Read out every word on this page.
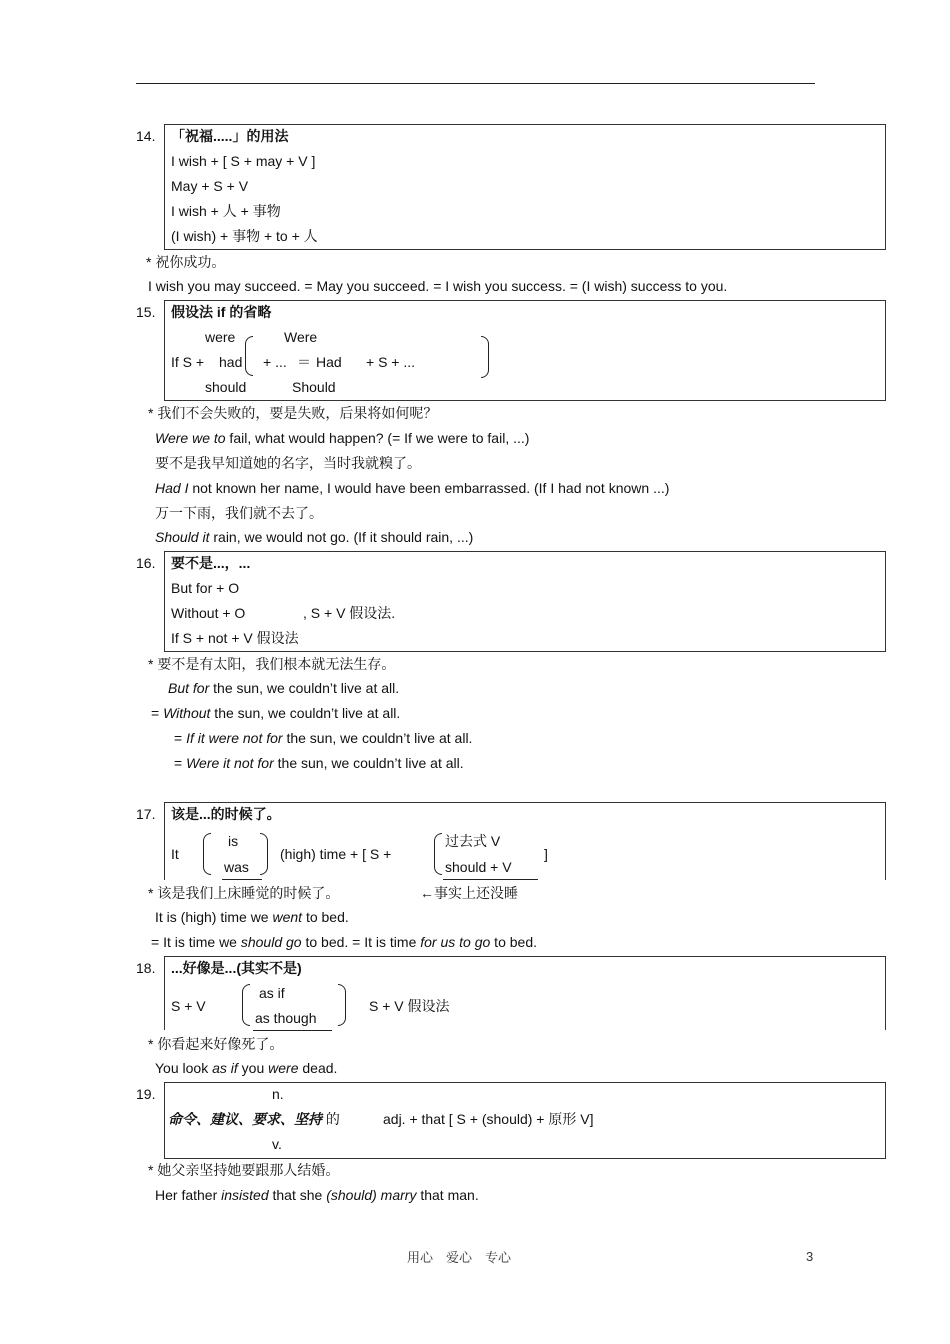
14. 「祝福.....」的用法
I wish + [ S + may + V ]
May + S + V
I wish + 人 + 事物
(I wish) + 事物 + to + 人
* 祝你成功。
I wish you may succeed. = May you succeed. = I wish you success. = (I wish) success to you.
15. 假设法 if 的省略
were	Were
If S + had + ... ＝ Had + S + ...
should	Should
* 我们不会失败的，要是失败，后果将如何呢？
Were we to fail, what would happen? (= If we were to fail, ...)
要不是我早知道她的名字，当时我就糗了。
Had I not known her name, I would have been embarrassed. (If I had not known ...)
万一下雨，我们就不去了。
Should it rain, we would not go. (If it should rain, ...)
16. 要不是...，...
But for + O
Without + O	, S + V 假设法.
If S + not + V 假设法
* 要不是有太阳，我们根本就无法生存。
But for the sun, we couldn’t live at all.
= Without the sun, we couldn’t live at all.
= If it were not for the sun, we couldn’t live at all.
= Were it not for the sun, we couldn’t live at all.
17. 该是...的时候了。
It
is
was
(high) time + [ S +
过去式 V
should + V
]
* 该是我们上床睡觉的时候了。	←事实上还没睡
It is (high) time we went to bed.
= It is time we should go to bed. = It is time for us to go to bed.
18. ...好像是...(其实不是)
S + V
as if
as though
S + V 假设法
* 你看起来好像死了。
You look as if you were dead.
19.	n.
命令、建议、要求、坚持 的	adj. + that [ S + (should) + 原形 V]
v.
* 她父亲坚持她要跟那人结婚。
Her father insisted that she (should) marry that man.
用心　爱心　专心	3
